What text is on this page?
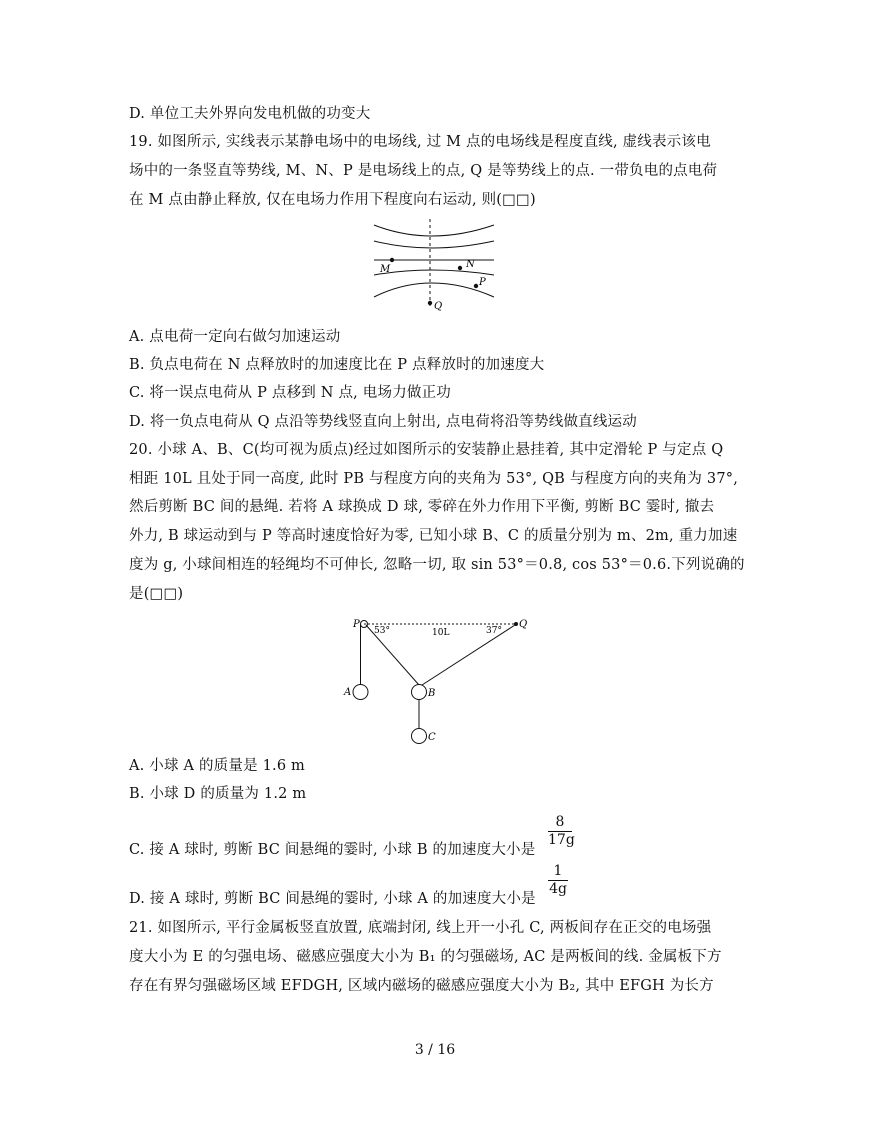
D. 单位工夫外界向发电机做的功变大
19. 如图所示, 实线表示某静电场中的电场线, 过 M 点的电场线是程度直线, 虚线表示该电
场中的一条竖直等势线, M、N、P 是电场线上的点, Q 是等势线上的点. 一带负电的点电荷
在 M 点由静止释放, 仅在电场力作用下程度向右运动, 则(□□)
M	N
P
Q
A. 点电荷一定向右做匀加速运动
B. 负点电荷在 N 点释放时的加速度比在 P 点释放时的加速度大
C. 将一误点电荷从 P 点移到 N 点, 电场力做正功
D. 将一负点电荷从 Q 点沿等势线竖直向上射出, 点电荷将沿等势线做直线运动
20. 小球 A、B、C(均可视为质点)经过如图所示的安装静止悬挂着, 其中定滑轮 P 与定点 Q
相距 10L 且处于同一高度, 此时 PB 与程度方向的夹角为 53°, QB 与程度方向的夹角为 37°,
然后剪断 BC 间的悬绳. 若将 A 球换成 D 球, 零碎在外力作用下平衡, 剪断 BC 霎时, 撤去
外力, B 球运动到与 P 等高时速度恰好为零, 已知小球 B、C 的质量分别为 m、2m, 重力加速
度为 g, 小球间相连的轻绳均不可伸长, 忽略一切, 取 sin 53°＝0.8, cos 53°＝0.6.下列说确的
是(□□)
P	Q
53°	37°
10L
A	B
C
A. 小球 A 的质量是 1.6 m
B. 小球 D 的质量为 1.2 m
C. 接 A 球时, 剪断 BC 间悬绳的霎时, 小球 B 的加速度大小是
$\frac{8}{17g}$
D. 接 A 球时, 剪断 BC 间悬绳的霎时, 小球 A 的加速度大小是
$\frac{1}{4g}$
21. 如图所示, 平行金属板竖直放置, 底端封闭, 线上开一小孔 C, 两板间存在正交的电场强
度大小为 E 的匀强电场、磁感应强度大小为 B₁ 的匀强磁场, AC 是两板间的线. 金属板下方
存在有界匀强磁场区域 EFDGH, 区域内磁场的磁感应强度大小为 B₂, 其中 EFGH 为长方
3 / 16
